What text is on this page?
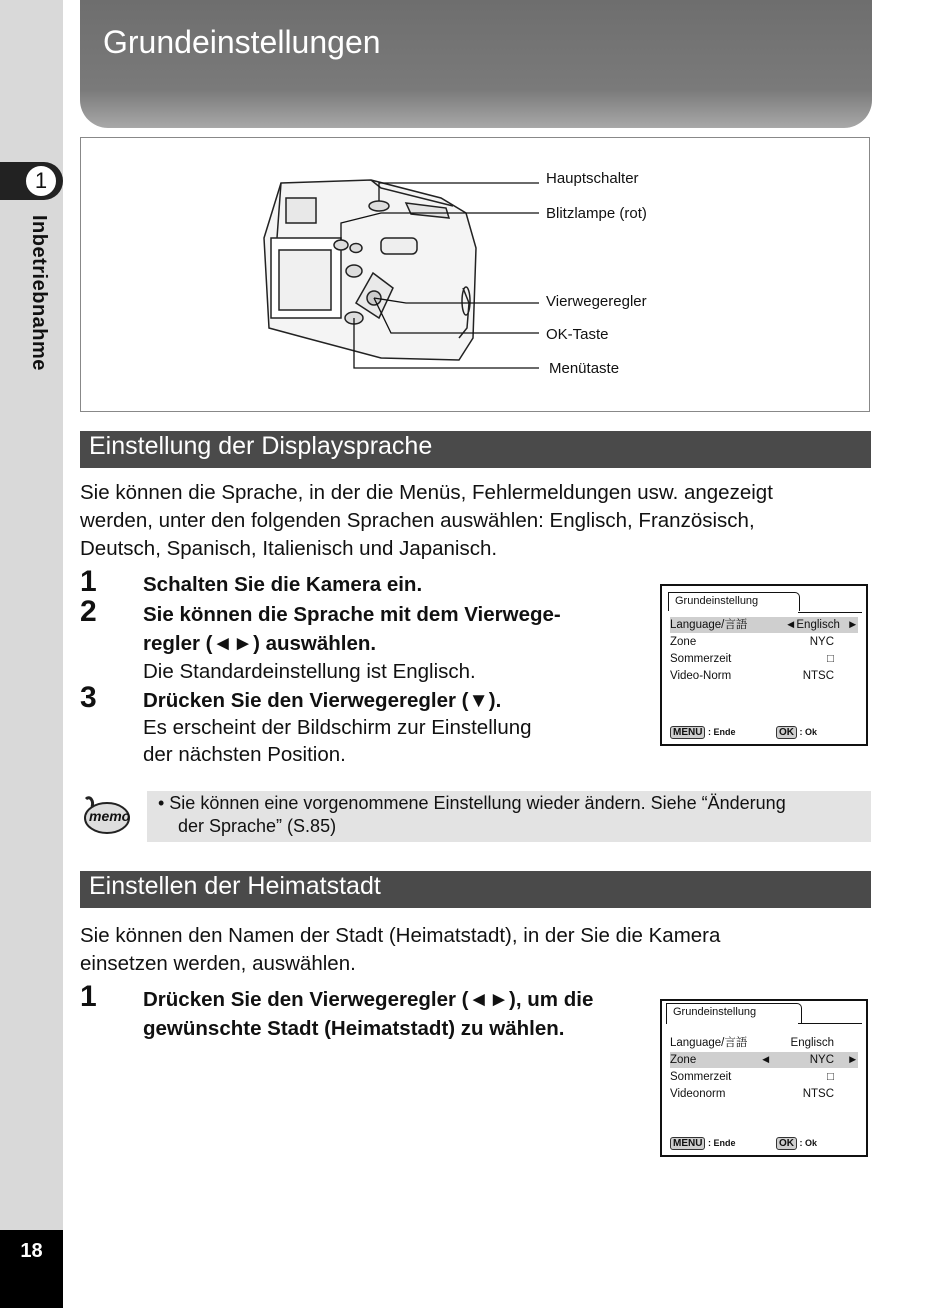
1
Inbetriebnahme
18
Grundeinstellungen
Hauptschalter
Blitzlampe (rot)
Vierwegeregler
OK-Taste
Menütaste
Einstellung der Displaysprache
Sie können die Sprache, in der die Menüs, Fehlermeldungen usw. angezeigt
werden, unter den folgenden Sprachen auswählen: Englisch, Französisch,
Deutsch, Spanisch, Italienisch und Japanisch.
1 Schalten Sie die Kamera ein.
2 Sie können die Sprache mit dem Vierwege-
regler (◄►) auswählen.
Die Standardeinstellung ist Englisch.
3 Drücken Sie den Vierwegeregler (▼).
Es erscheint der Bildschirm zur Einstellung
der nächsten Position.
Grundeinstellung
Language/言語	◄Englisch ►
Zone	NYC
Sommerzeit	□
Video-Norm	NTSC
MENU : Ende	OK : Ok
memo
• Sie können eine vorgenommene Einstellung wieder ändern. Siehe “Änderung
der Sprache” (S.85)
Einstellen der Heimatstadt
Sie können den Namen der Stadt (Heimatstadt), in der Sie die Kamera
einsetzen werden, auswählen.
1 Drücken Sie den Vierwegeregler (◄►), um die
gewünschte Stadt (Heimatstadt) zu wählen.
Grundeinstellung
Language/言語	Englisch
Zone	◄	NYC ►
Sommerzeit	□
Videonorm	NTSC
MENU : Ende	OK : Ok
